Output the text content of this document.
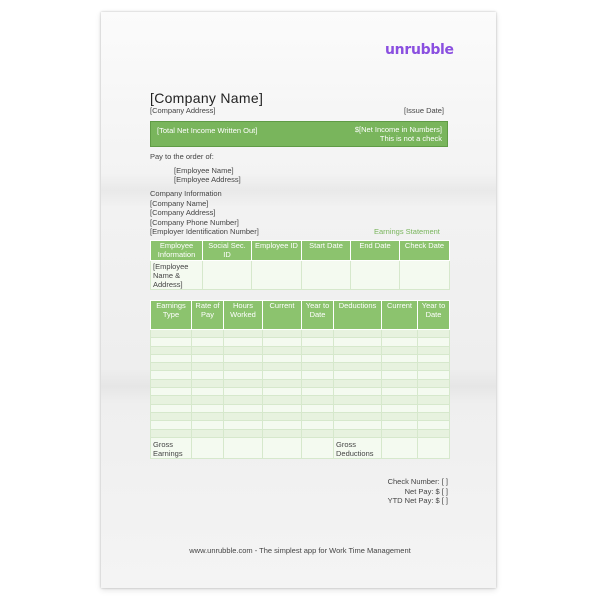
unrubble
[Company Name]
[Company Address]	[Issue Date]
[Total Net Income Written Out]	$[Net Income in Numbers]
This is not a check
Pay to the order of:
[Employee Name]
[Employee Address]
Company Information
[Company Name]
[Company Address]
[Company Phone Number]
[Employer Identification Number]	Earnings Statement
Employee Information	Social Sec. ID	Employee ID	Start Date	End Date	Check Date
[Employee Name & Address]					
Earnings Type	Rate of Pay	Hours Worked	Current	Year to Date	Deductions	Current	Year to Date

Gross Earnings					Gross Deductions		
Check Number: [ ]
Net Pay: $ [ ]
YTD Net Pay: $ [ ]
www.unrubble.com - The simplest app for Work Time Management
